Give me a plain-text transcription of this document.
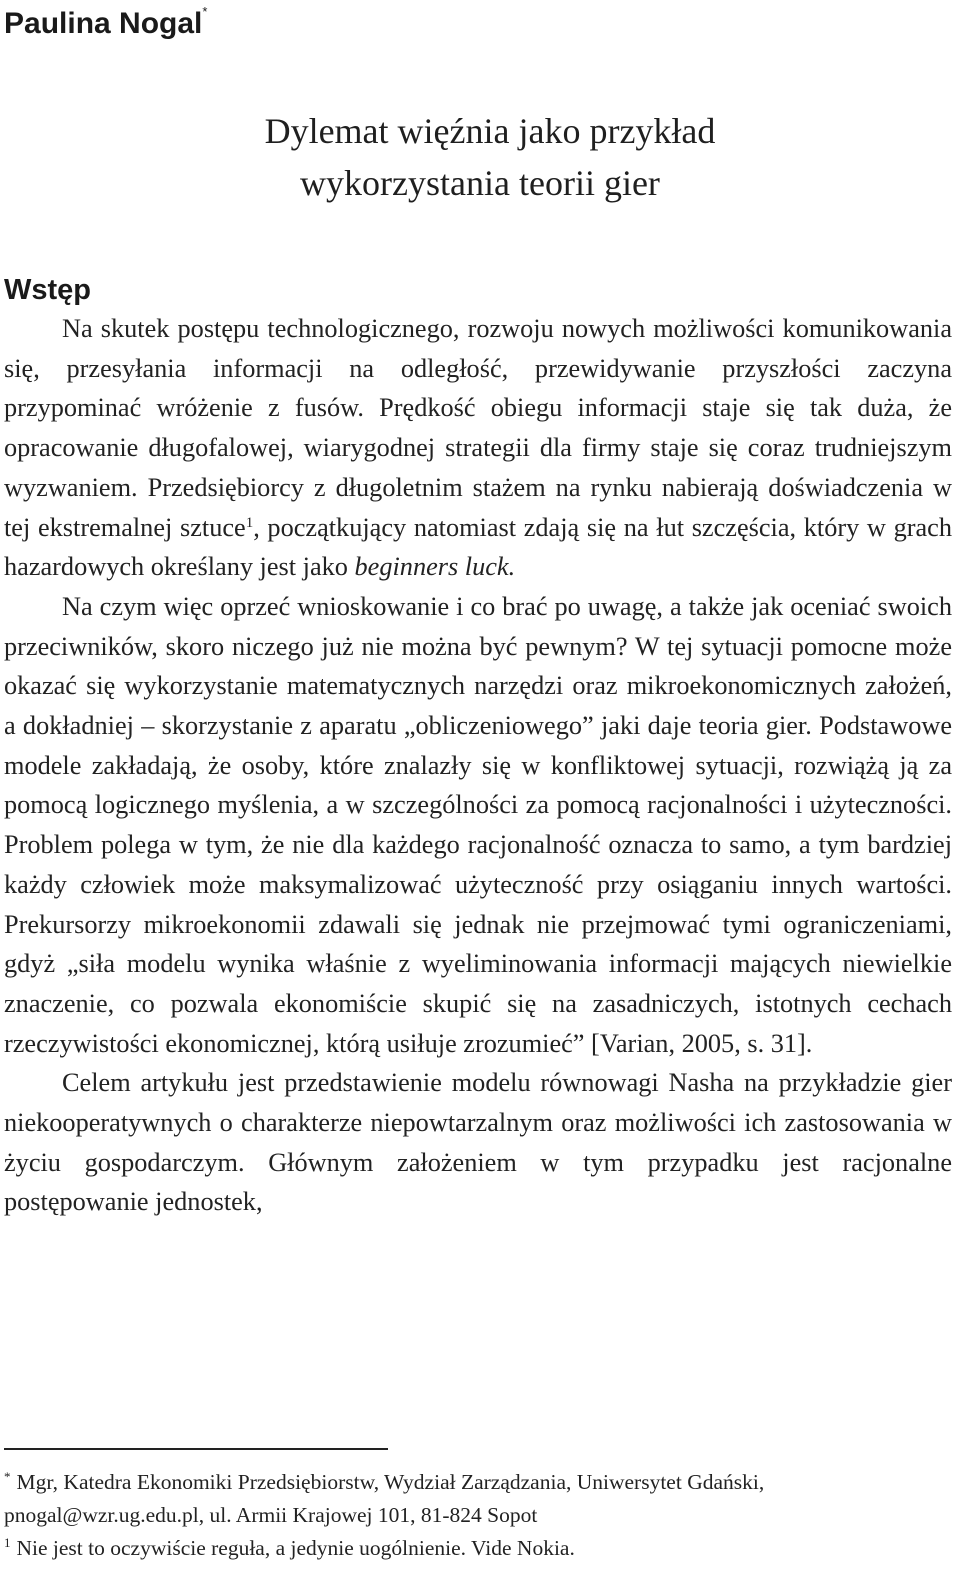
Paulina Nogal*
Dylemat więźnia jako przykład
wykorzystania teorii gier
Wstęp

Na skutek postępu technologicznego, rozwoju nowych możliwości komunikowania się, przesyłania informacji na odległość, przewidywanie przyszłości zaczyna przypominać wróżenie z fusów. Prędkość obiegu informacji staje się tak duża, że opracowanie długofalowej, wiarygodnej strategii dla firmy staje się coraz trudniejszym wyzwaniem. Przedsiębiorcy z długoletnim stażem na rynku nabierają doświadczenia w tej ekstremalnej sztuce$^1$, początkujący natomiast zdają się na łut szczęścia, który w grach hazardowych określany jest jako beginners luck.

Na czym więc oprzeć wnioskowanie i co brać po uwagę, a także jak oceniać swoich przeciwników, skoro niczego już nie można być pewnym? W tej sytuacji pomocne może okazać się wykorzystanie matematycznych narzędzi oraz mikroekonomicznych założeń, a dokładniej – skorzystanie z aparatu „obliczeniowego” jaki daje teoria gier. Podstawowe modele zakładają, że osoby, które znalazły się w konfliktowej sytuacji, rozwiążą ją za pomocą logicznego myślenia, a w szczególności za pomocą racjonalności i użyteczności. Problem polega w tym, że nie dla każdego racjonalność oznacza to samo, a tym bardziej każdy człowiek może maksymalizować użyteczność przy osiąganiu innych wartości. Prekursorzy mikroekonomii zdawali się jednak nie przejmować tymi ograniczeniami, gdyż „siła modelu wynika właśnie z wyeliminowania informacji mających niewielkie znaczenie, co pozwala ekonomiście skupić się na zasadniczych, istotnych cechach rzeczywistości ekonomicznej, którą usiłuje zrozumieć” [Varian, 2005, s. 31].

Celem artykułu jest przedstawienie modelu równowagi Nasha na przykładzie gier niekooperatywnych o charakterze niepowtarzalnym oraz możliwości ich zastosowania w życiu gospodarczym. Głównym założeniem w tym przypadku jest racjonalne postępowanie jednostek,

* Mgr, Katedra Ekonomiki Przedsiębiorstw, Wydział Zarządzania, Uniwersytet Gdański, pnogal@wzr.ug.edu.pl, ul. Armii Krajowej 101, 81-824 Sopot

$^1$ Nie jest to oczywiście reguła, a jedynie uogólnienie. Vide Nokia.
